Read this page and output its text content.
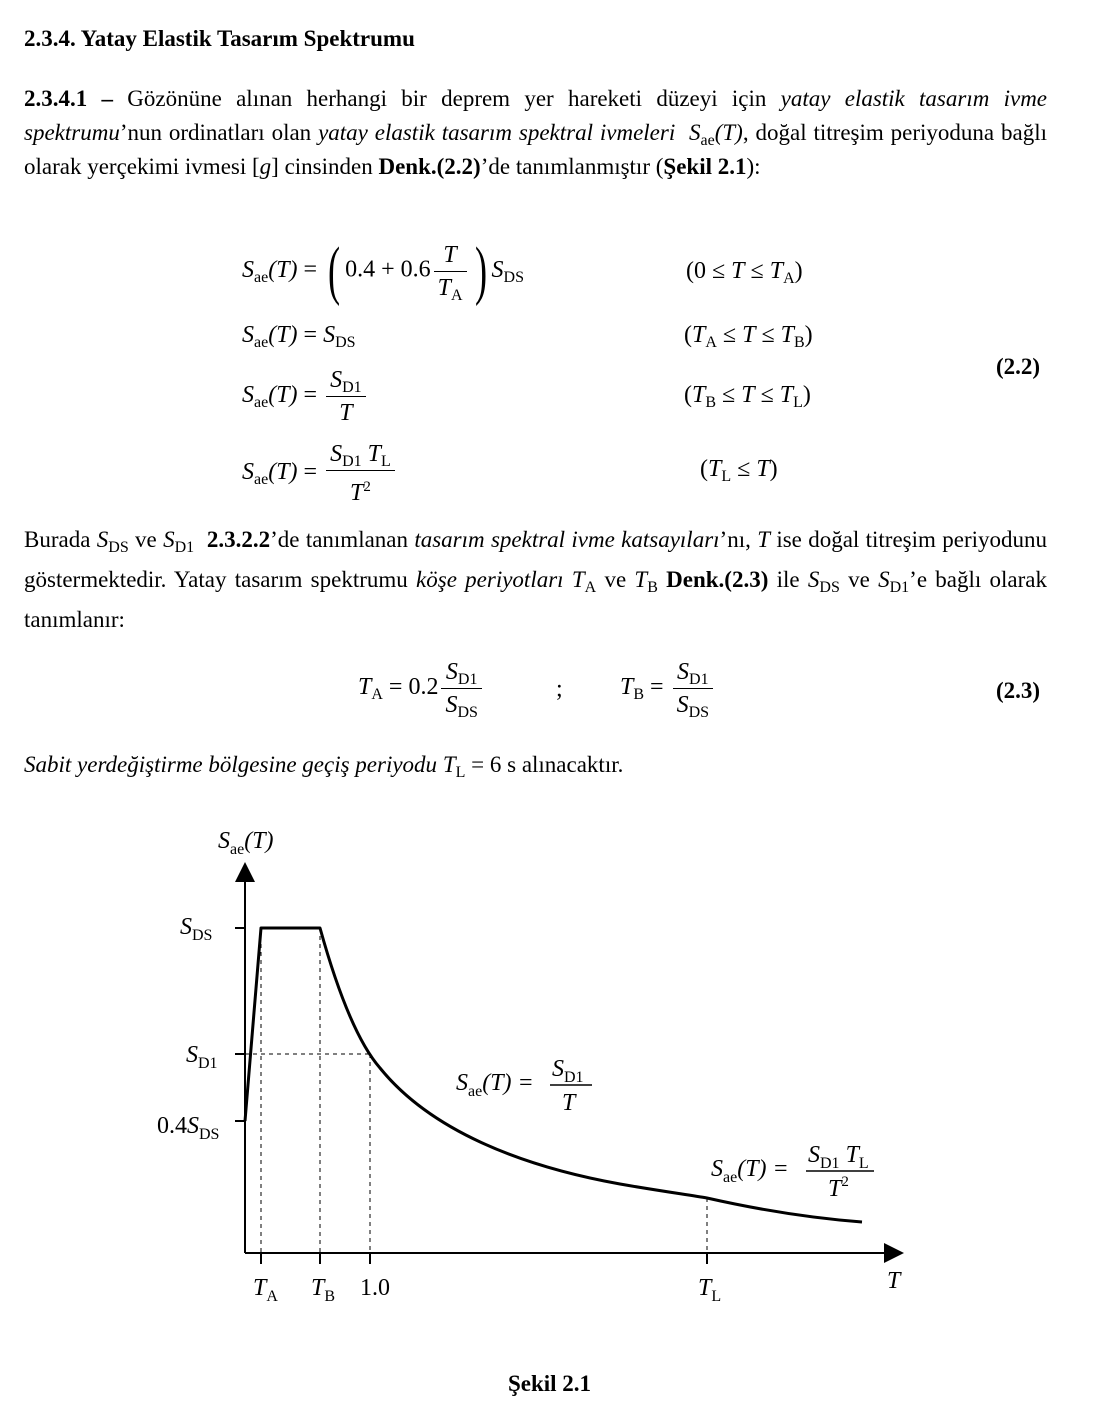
2.3.4. Yatay Elastik Tasarım Spektrumu
2.3.4.1 – Gözönüne alınan herhangi bir deprem yer hareketi düzeyi için yatay elastik tasarım ivme spektrumu’nun ordinatları olan yatay elastik tasarım spektral ivmeleri $S_{ae}(T)$, doğal titreşim periyoduna bağlı olarak yerçekimi ivmesi [g] cinsinden Denk.(2.2)’de tanımlanmıştır (Şekil 2.1):
$S_{ae}(T)$ = ( $0.4 + 0.6 \frac{T}{T_A}$ ) $S_{DS}$	$(0 \le T \le T_A)$
$S_{ae}(T) = S_{DS}$	$(T_A \le T \le T_B)$
$S_{ae}(T) = \frac{S_{D1}}{T}$	$(T_B \le T \le T_L)$
(2.2)
$S_{ae}(T) = \frac{S_{D1} T_L}{T^2}$	$(T_L \le T)$
Burada $S_{DS}$ ve $S_{D1}$ 2.3.2.2’de tanımlanan tasarım spektral ivme katsayıları’nı, T ise doğal titreşim periyodunu göstermektedir. Yatay tasarım spektrumu köşe periyotları $T_A$ ve $T_B$ Denk.(2.3) ile $S_{DS}$ ve $S_{D1}’e$ bağlı olarak tanımlanır:
$T_A = 0.2 \frac{S_{D1}}{S_{DS}}$	; $T_B = \frac{S_{D1}}{S_{DS}}$	(2.3)
Sabit yerdeğiştirme bölgesine geçiş periyodu $T_L = 6$ s alınacaktır.
$S_{ae}(T)$
$S_{DS}$
$S_{D1}$
$0.4S_{DS}$
$T_A$ $T_B$ 1.0	$T_L$
T
$S_{ae}(T)$ =
$S_{D1}$
T
$S_{ae}(T)$ =
$S_{D1}$ $T_L$
$T^2$
Şekil 2.1
